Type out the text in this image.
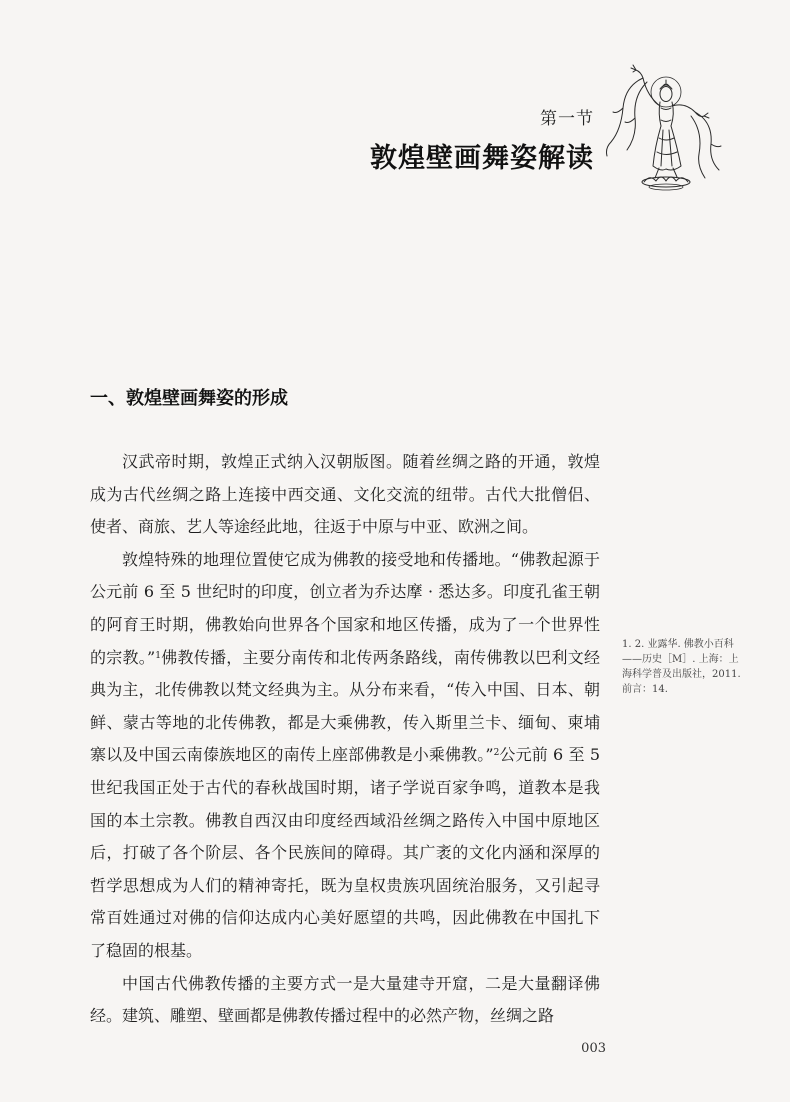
第一节
敦煌壁画舞姿解读
一、敦煌壁画舞姿的形成

汉武帝时期，敦煌正式纳入汉朝版图。随着丝绸之路的开通，敦煌成为古代丝绸之路上连接中西交通、文化交流的纽带。古代大批僧侣、使者、商旅、艺人等途经此地，往返于中原与中亚、欧洲之间。

敦煌特殊的地理位置使它成为佛教的接受地和传播地。“佛教起源于公元前 6 至 5 世纪时的印度，创立者为乔达摩 · 悉达多。印度孔雀王朝的阿育王时期，佛教始向世界各个国家和地区传播，成为了一个世界性的宗教。”$^1$佛教传播，主要分南传和北传两条路线，南传佛教以巴利文经典为主，北传佛教以梵文经典为主。从分布来看，“传入中国、日本、朝鲜、蒙古等地的北传佛教，都是大乘佛教，传入斯里兰卡、缅甸、柬埔寨以及中国云南傣族地区的南传上座部佛教是小乘佛教。”$^2$公元前 6 至 5 世纪我国正处于古代的春秋战国时期，诸子学说百家争鸣，道教本是我国的本土宗教。佛教自西汉由印度经西域沿丝绸之路传入中国中原地区后，打破了各个阶层、各个民族间的障碍。其广袤的文化内涵和深厚的哲学思想成为人们的精神寄托，既为皇权贵族巩固统治服务，又引起寻常百姓通过对佛的信仰达成内心美好愿望的共鸣，因此佛教在中国扎下了稳固的根基。

中国古代佛教传播的主要方式一是大量建寺开窟，二是大量翻译佛经。建筑、雕塑、壁画都是佛教传播过程中的必然产物，丝绸之路

1. 2. 业露华. 佛教小百科——历史［M］. 上海：上海科学普及出版社，2011. 前言：14.
003
